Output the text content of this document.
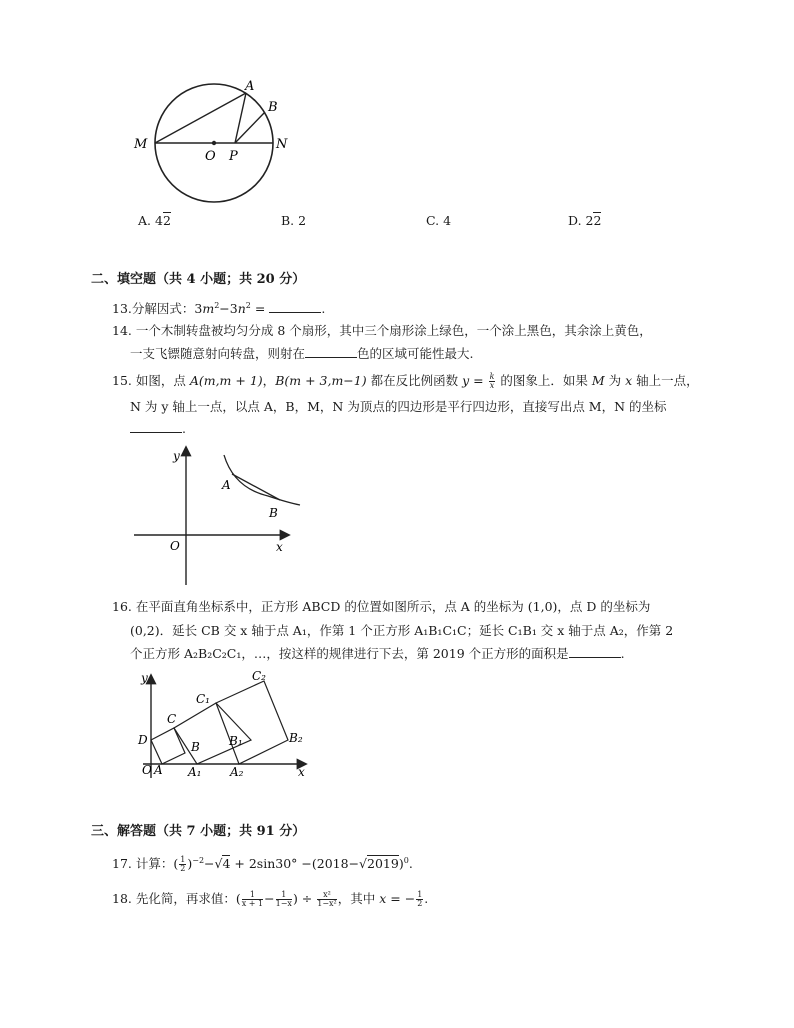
M
O P
N
A
B
A. 42	B. 2	C. 4	D. 22
二、填空题（共 4 小题；共 20 分）
13.分解因式：$3m^2-3n^2$ =	.
14. 一个木制转盘被均匀分成 8 个扇形，其中三个扇形涂上绿色，一个涂上黑色，其余涂上黄色，
一支飞镖随意射向转盘，则射在	色的区域可能性最大.
15. 如图，点 A(m,m + 1)，B(m + 3,m−1) 都在反比例函数 $y = \frac{k}{x}$ 的图象上．如果 M 为 x 轴上一点，
N 为 y 轴上一点，以点 A，B，M，N 为顶点的四边形是平行四边形，直接写出点 M，N 的坐标
.
y
x
O
A
B
16. 在平面直角坐标系中，正方形 ABCD 的位置如图所示，点 A 的坐标为 (1,0)，点 D 的坐标为
(0,2)．延长 CB 交 x 轴于点 A₁，作第 1 个正方形 A₁B₁C₁C；延长 C₁B₁ 交 x 轴于点 A₂，作第 2
个正方形 A₂B₂C₂C₁，…，按这样的规律进行下去，第 2019 个正方形的面积是	.
y
x
O A
D
C
B
C₁
B₁
A₁ A₂
C₂
B₂
三、解答题（共 7 小题；共 91 分）
17. 计算：( $\frac{1}{2} )^{-2}-√4 + 2\sin 30^\circ -(2018-√2019)^0$.
18. 先化简，再求值：( $\frac{1}{x + 1} - \frac{1}{1-x}$ ) ÷ $\frac{\text{x²}}{\text{1−x²}}$ ，其中 x = − $\frac{1}{2}$ .
